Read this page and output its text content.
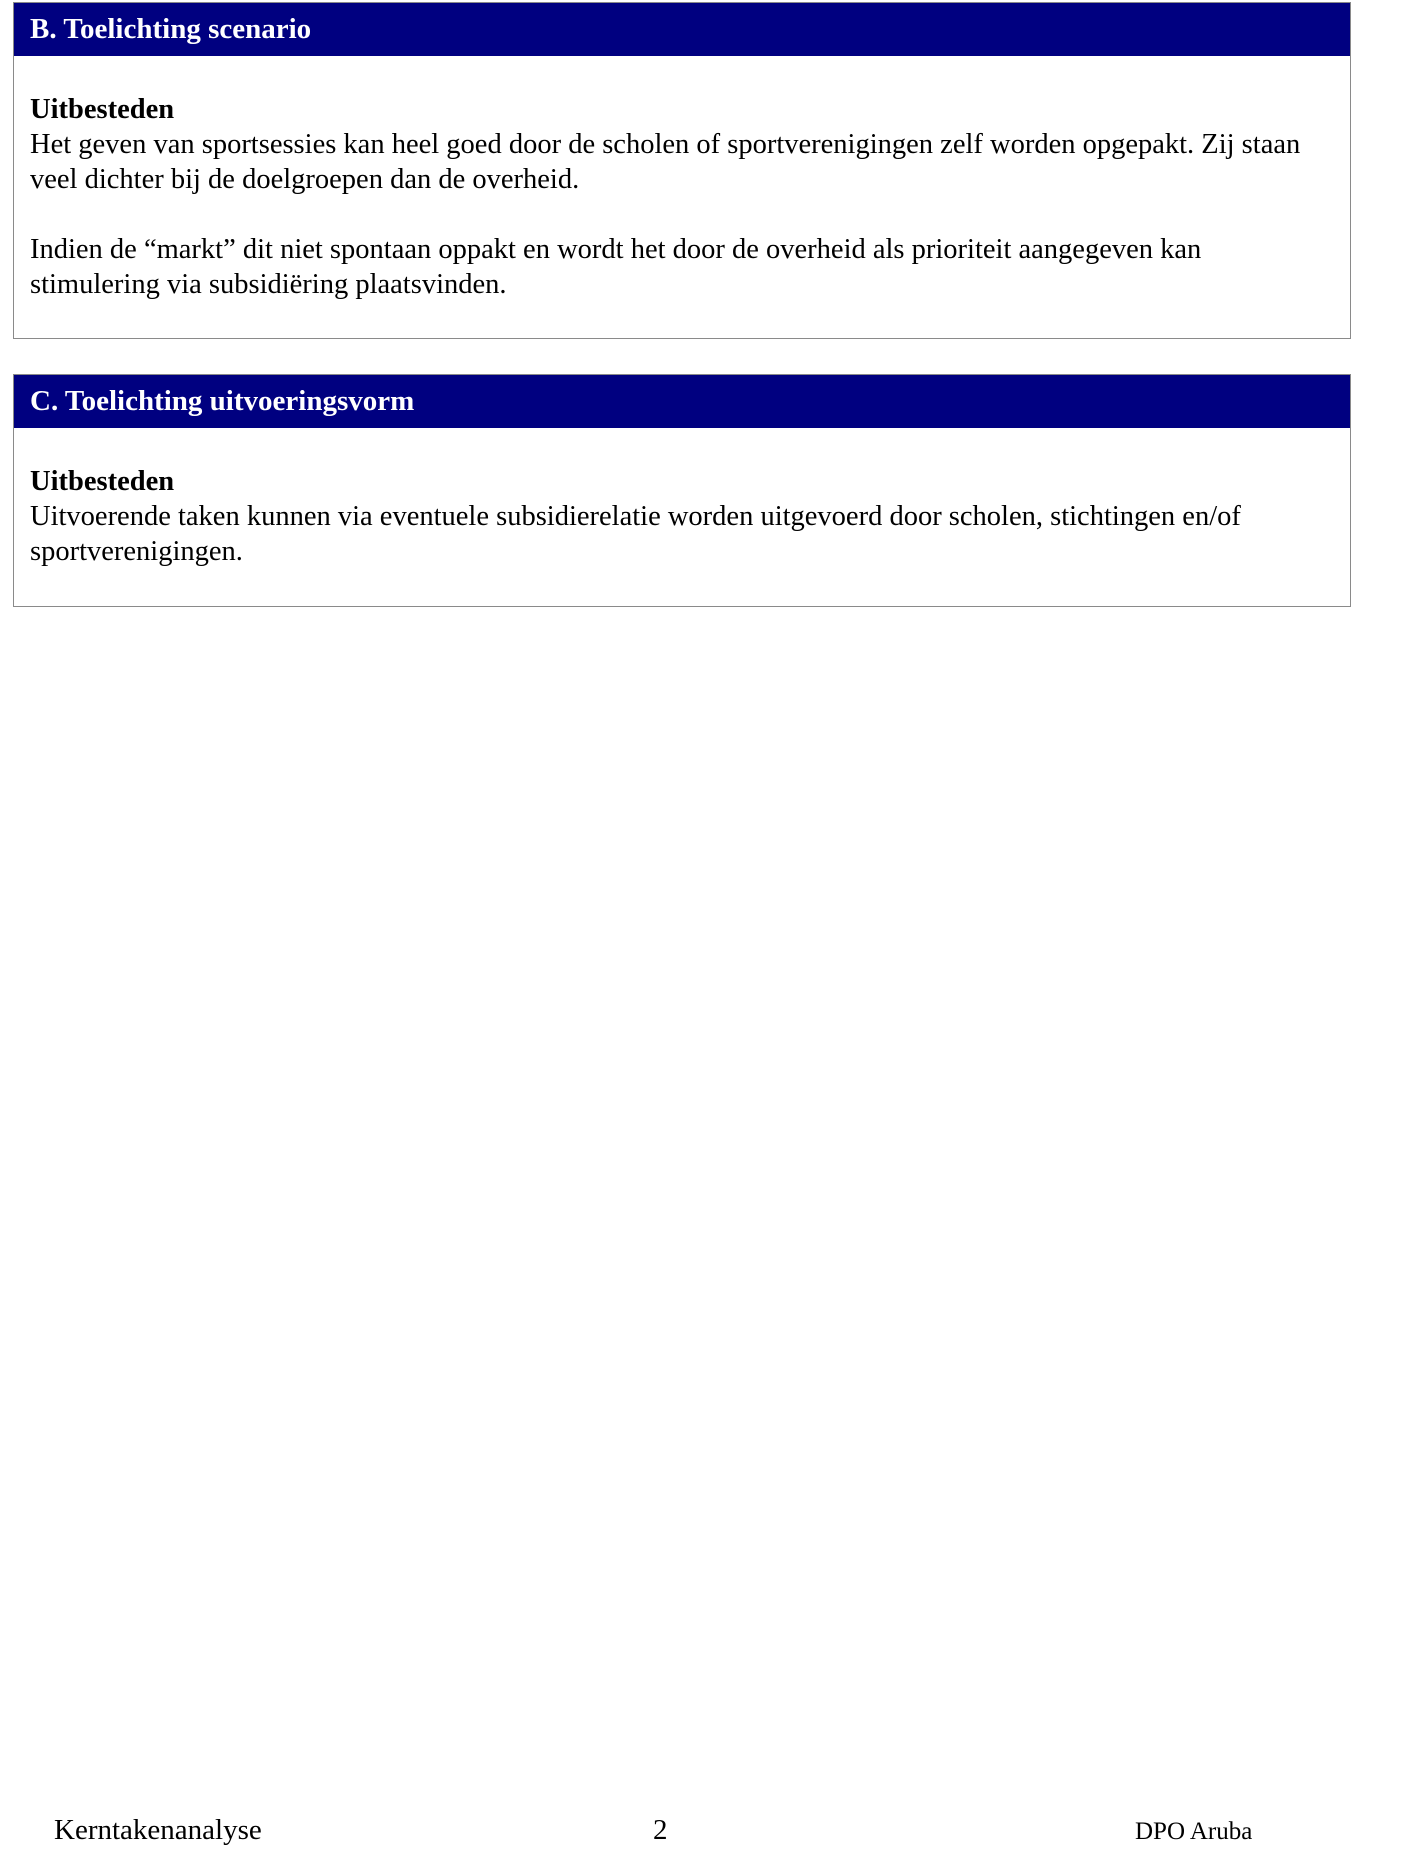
B. Toelichting scenario
Uitbesteden

Het geven van sportsessies kan heel goed door de scholen of sportverenigingen zelf worden opgepakt. Zij staan veel dichter bij de doelgroepen dan de overheid.

Indien de “markt” dit niet spontaan oppakt en wordt het door de overheid als prioriteit aangegeven kan stimulering via subsidiëring plaatsvinden.

C. Toelichting uitvoeringsvorm
Uitbesteden

Uitvoerende taken kunnen via eventuele subsidierelatie worden uitgevoerd door scholen, stichtingen en/of sportverenigingen.

Kerntakenanalyse	2	DPO Aruba
